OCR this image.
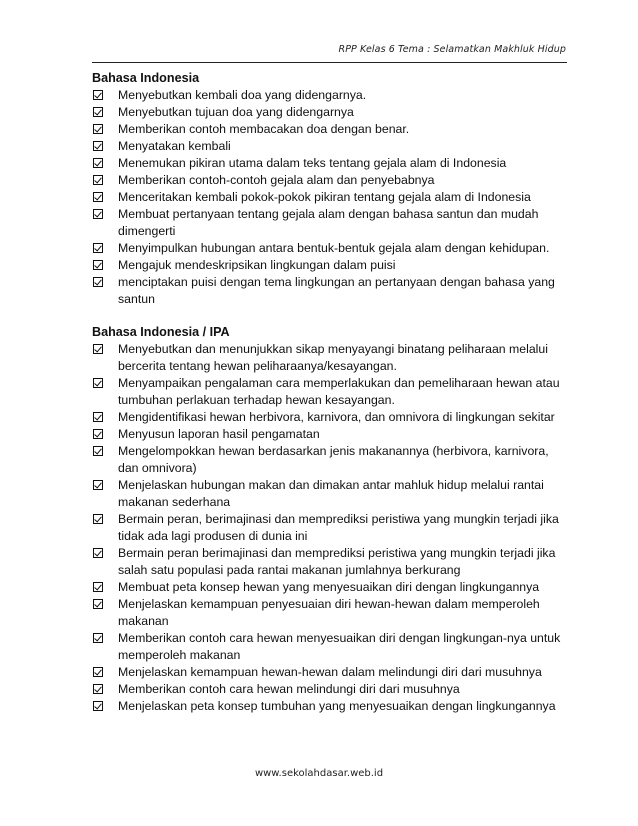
RPP Kelas 6 Tema : Selamatkan Makhluk Hidup
Bahasa Indonesia
Menyebutkan kembali doa yang didengarnya.
Menyebutkan tujuan doa yang didengarnya
Memberikan contoh membacakan doa dengan benar.
Menyatakan kembali
Menemukan pikiran utama dalam teks tentang gejala alam di Indonesia
Memberikan contoh-contoh gejala alam dan penyebabnya
Menceritakan kembali pokok-pokok pikiran tentang gejala alam di Indonesia
Membuat pertanyaan tentang gejala alam dengan bahasa santun dan mudah dimengerti
Menyimpulkan hubungan antara bentuk-bentuk gejala alam dengan kehidupan.
Mengajuk mendeskripsikan lingkungan dalam puisi
menciptakan puisi dengan tema lingkungan an pertanyaan dengan bahasa yang santun
Bahasa Indonesia / IPA
Menyebutkan dan menunjukkan sikap menyayangi binatang peliharaan melalui bercerita tentang hewan peliharaanya/kesayangan.
Menyampaikan pengalaman cara memperlakukan dan pemeliharaan hewan atau tumbuhan perlakuan terhadap hewan kesayangan.
Mengidentifikasi hewan herbivora, karnivora, dan omnivora di lingkungan sekitar
Menyusun laporan hasil pengamatan
Mengelompokkan hewan berdasarkan jenis makanannya (herbivora, karnivora, dan omnivora)
Menjelaskan hubungan makan dan dimakan antar mahluk hidup melalui rantai makanan sederhana
Bermain peran, berimajinasi dan memprediksi peristiwa yang mungkin terjadi jika tidak ada lagi produsen di dunia ini
Bermain peran berimajinasi dan memprediksi peristiwa yang mungkin terjadi jika salah satu populasi pada rantai makanan jumlahnya berkurang
Membuat peta konsep hewan yang menyesuaikan diri dengan lingkungannya
Menjelaskan kemampuan penyesuaian diri hewan-hewan dalam memperoleh makanan
Memberikan contoh cara hewan menyesuaikan diri dengan lingkungan-nya untuk memperoleh makanan
Menjelaskan kemampuan hewan-hewan dalam melindungi diri dari musuhnya
Memberikan contoh cara hewan melindungi diri dari musuhnya
Menjelaskan peta konsep tumbuhan yang menyesuaikan dengan lingkungannya
www.sekolahdasar.web.id
